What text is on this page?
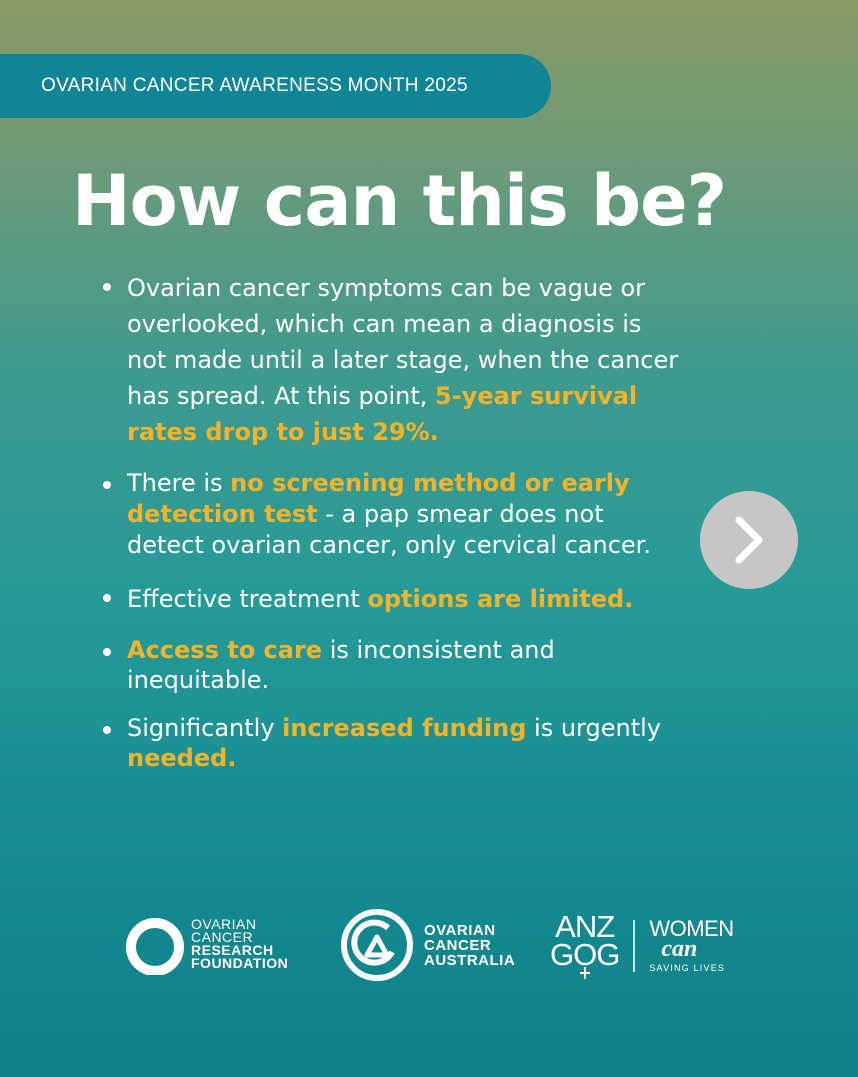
OVARIAN CANCER AWARENESS MONTH 2025
How can this be?
Ovarian cancer symptoms can be vague or overlooked, which can mean a diagnosis is not made until a later stage, when the cancer has spread. At this point, 5-year survival rates drop to just 29%.
There is no screening method or early detection test - a pap smear does not detect ovarian cancer, only cervical cancer.
Effective treatment options are limited.
Access to care is inconsistent and inequitable.
Significantly increased funding is urgently needed.
OVARIAN
CANCER
RESEARCH
FOUNDATION
OVARIAN
CANCER
AUSTRALIA
ANZ
GOG
WOMEN
can
SAVING LIVES
